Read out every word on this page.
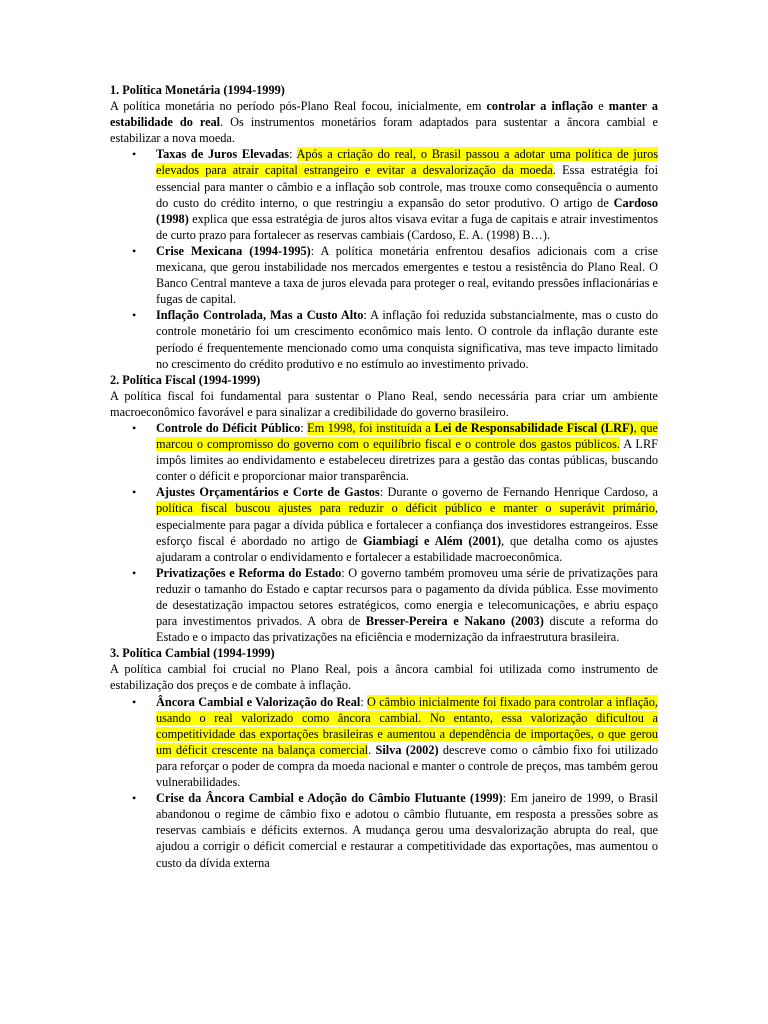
1. Política Monetária (1994-1999)

A política monetária no período pós-Plano Real focou, inicialmente, em controlar a inflação e manter a estabilidade do real. Os instrumentos monetários foram adaptados para sustentar a âncora cambial e estabilizar a nova moeda.

• Taxas de Juros Elevadas: Após a criação do real, o Brasil passou a adotar uma política de juros elevados para atrair capital estrangeiro e evitar a desvalorização da moeda. Essa estratégia foi essencial para manter o câmbio e a inflação sob controle, mas trouxe como consequência o aumento do custo do crédito interno, o que restringiu a expansão do setor produtivo. O artigo de Cardoso (1998) explica que essa estratégia de juros altos visava evitar a fuga de capitais e atrair investimentos de curto prazo para fortalecer as reservas cambiais (Cardoso, E. A. (1998) B…).
• Crise Mexicana (1994-1995): A política monetária enfrentou desafios adicionais com a crise mexicana, que gerou instabilidade nos mercados emergentes e testou a resistência do Plano Real. O Banco Central manteve a taxa de juros elevada para proteger o real, evitando pressões inflacionárias e fugas de capital.
• Inflação Controlada, Mas a Custo Alto: A inflação foi reduzida substancialmente, mas o custo do controle monetário foi um crescimento econômico mais lento. O controle da inflação durante este período é frequentemente mencionado como uma conquista significativa, mas teve impacto limitado no crescimento do crédito produtivo e no estímulo ao investimento privado.
2. Política Fiscal (1994-1999)

A política fiscal foi fundamental para sustentar o Plano Real, sendo necessária para criar um ambiente macroeconômico favorável e para sinalizar a credibilidade do governo brasileiro.

• Controle do Déficit Público: Em 1998, foi instituída a Lei de Responsabilidade Fiscal (LRF), que marcou o compromisso do governo com o equilíbrio fiscal e o controle dos gastos públicos. A LRF impôs limites ao endividamento e estabeleceu diretrizes para a gestão das contas públicas, buscando conter o déficit e proporcionar maior transparência.
• Ajustes Orçamentários e Corte de Gastos: Durante o governo de Fernando Henrique Cardoso, a política fiscal buscou ajustes para reduzir o déficit público e manter o superávit primário, especialmente para pagar a dívida pública e fortalecer a confiança dos investidores estrangeiros. Esse esforço fiscal é abordado no artigo de Giambiagi e Além (2001), que detalha como os ajustes ajudaram a controlar o endividamento e fortalecer a estabilidade macroeconômica.
• Privatizações e Reforma do Estado: O governo também promoveu uma série de privatizações para reduzir o tamanho do Estado e captar recursos para o pagamento da dívida pública. Esse movimento de desestatização impactou setores estratégicos, como energia e telecomunicações, e abriu espaço para investimentos privados. A obra de Bresser-Pereira e Nakano (2003) discute a reforma do Estado e o impacto das privatizações na eficiência e modernização da infraestrutura brasileira.
3. Política Cambial (1994-1999)

A política cambial foi crucial no Plano Real, pois a âncora cambial foi utilizada como instrumento de estabilização dos preços e de combate à inflação.

• Âncora Cambial e Valorização do Real: O câmbio inicialmente foi fixado para controlar a inflação, usando o real valorizado como âncora cambial. No entanto, essa valorização dificultou a competitividade das exportações brasileiras e aumentou a dependência de importações, o que gerou um déficit crescente na balança comercial. Silva (2002) descreve como o câmbio fixo foi utilizado para reforçar o poder de compra da moeda nacional e manter o controle de preços, mas também gerou vulnerabilidades.
• Crise da Âncora Cambial e Adoção do Câmbio Flutuante (1999): Em janeiro de 1999, o Brasil abandonou o regime de câmbio fixo e adotou o câmbio flutuante, em resposta a pressões sobre as reservas cambiais e déficits externos. A mudança gerou uma desvalorização abrupta do real, que ajudou a corrigir o déficit comercial e restaurar a competitividade das exportações, mas aumentou o custo da dívida externa
